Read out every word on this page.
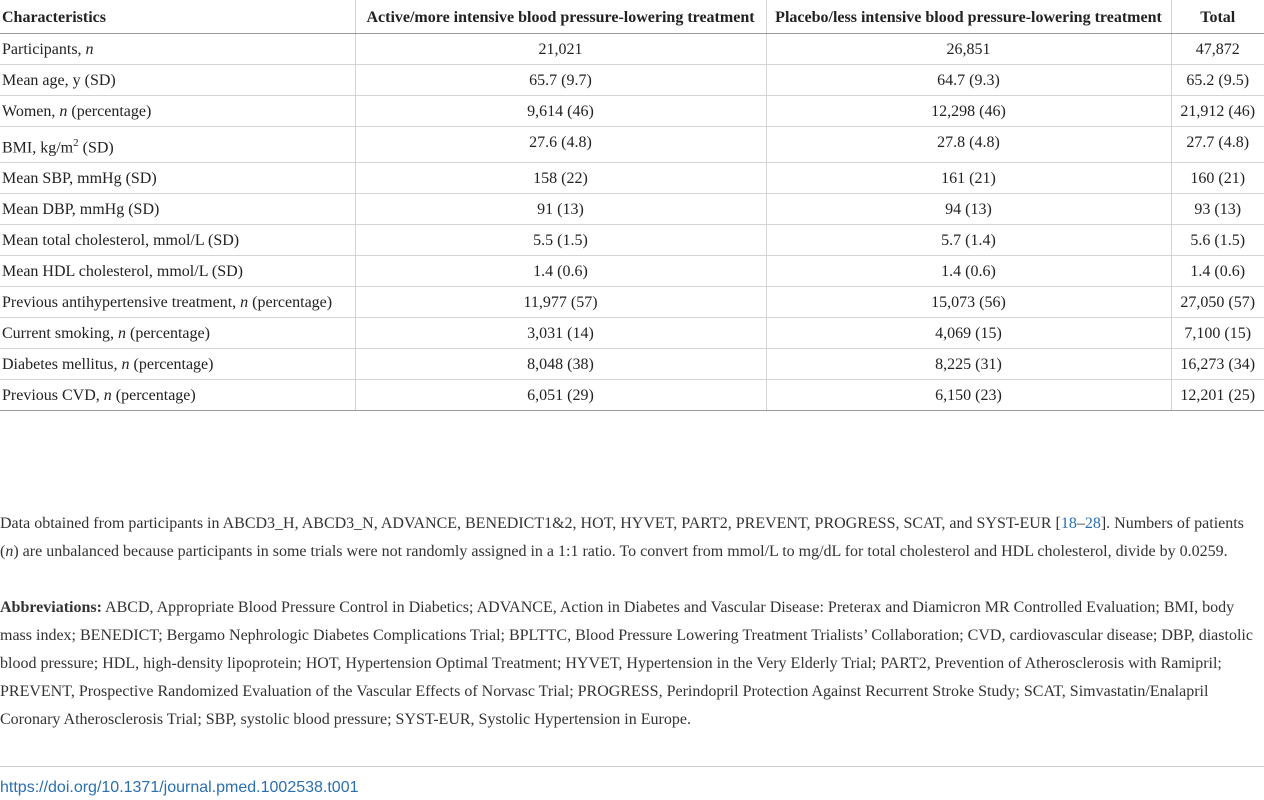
Characteristics	Active/more intensive blood pressure-lowering treatment	Placebo/less intensive blood pressure-lowering treatment	Total
Participants, n	21,021	26,851	47,872
Mean age, y (SD)	65.7 (9.7)	64.7 (9.3)	65.2 (9.5)
Women, n (percentage)	9,614 (46)	12,298 (46)	21,912 (46)
BMI, $kg/m^2$ (SD)	27.6 (4.8)	27.8 (4.8)	27.7 (4.8)
Mean SBP, mmHg (SD)	158 (22)	161 (21)	160 (21)
Mean DBP, mmHg (SD)	91 (13)	94 (13)	93 (13)
Mean total cholesterol, mmol/L (SD)	5.5 (1.5)	5.7 (1.4)	5.6 (1.5)
Mean HDL cholesterol, mmol/L (SD)	1.4 (0.6)	1.4 (0.6)	1.4 (0.6)
Previous antihypertensive treatment, n (percentage)	11,977 (57)	15,073 (56)	27,050 (57)
Current smoking, n (percentage)	3,031 (14)	4,069 (15)	7,100 (15)
Diabetes mellitus, n (percentage)	8,048 (38)	8,225 (31)	16,273 (34)
Previous CVD, n (percentage)	6,051 (29)	6,150 (23)	12,201 (25)
Data obtained from participants in ABCD3_H, ABCD3_N, ADVANCE, BENEDICT1&2, HOT, HYVET, PART2, PREVENT, PROGRESS, SCAT, and SYST-EUR [18–28]. Numbers of patients (n) are unbalanced because participants in some trials were not randomly assigned in a 1:1 ratio. To convert from mmol/L to mg/dL for total cholesterol and HDL cholesterol, divide by 0.0259.
Abbreviations: ABCD, Appropriate Blood Pressure Control in Diabetics; ADVANCE, Action in Diabetes and Vascular Disease: Preterax and Diamicron MR Controlled Evaluation; BMI, body mass index; BENEDICT; Bergamo Nephrologic Diabetes Complications Trial; BPLTTC, Blood Pressure Lowering Treatment Trialists’ Collaboration; CVD, cardiovascular disease; DBP, diastolic blood pressure; HDL, high-density lipoprotein; HOT, Hypertension Optimal Treatment; HYVET, Hypertension in the Very Elderly Trial; PART2, Prevention of Atherosclerosis with Ramipril; PREVENT, Prospective Randomized Evaluation of the Vascular Effects of Norvasc Trial; PROGRESS, Perindopril Protection Against Recurrent Stroke Study; SCAT, Simvastatin/Enalapril Coronary Atherosclerosis Trial; SBP, systolic blood pressure; SYST-EUR, Systolic Hypertension in Europe.
https://doi.org/10.1371/journal.pmed.1002538.t001
